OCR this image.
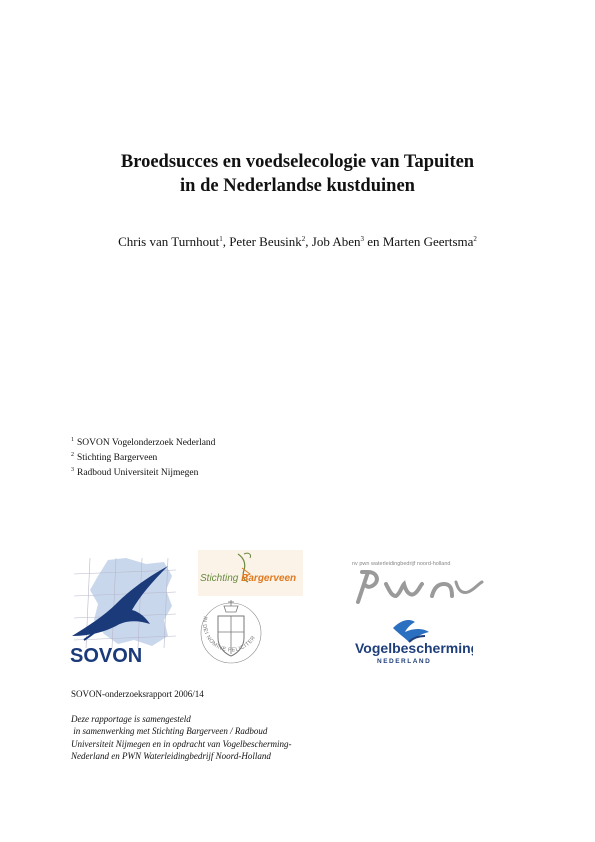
Broedsucces en voedselecologie van Tapuiten
in de Nederlandse kustduinen
Chris van Turnhout$^1$, Peter Beusink$^2$, Job Aben$^3$ en Marten Geertsma$^2$
$^1$ SOVON Vogelonderzoek Nederland
$^2$ Stichting Bargerveen
$^3$ Radboud Universiteit Nijmegen
SOVON
Stichting Bargerveen
IN DEI NOMINE FELICITER
nv pwn waterleidingbedrijf noord-holland
Vogelbescherming
NEDERLAND
SOVON-onderzoeksrapport 2006/14
Deze rapportage is samengesteld
in samenwerking met Stichting Bargerveen / Radboud
Universiteit Nijmegen en in opdracht van Vogelbescherming-
Nederland en PWN Waterleidingbedrijf Noord-Holland
